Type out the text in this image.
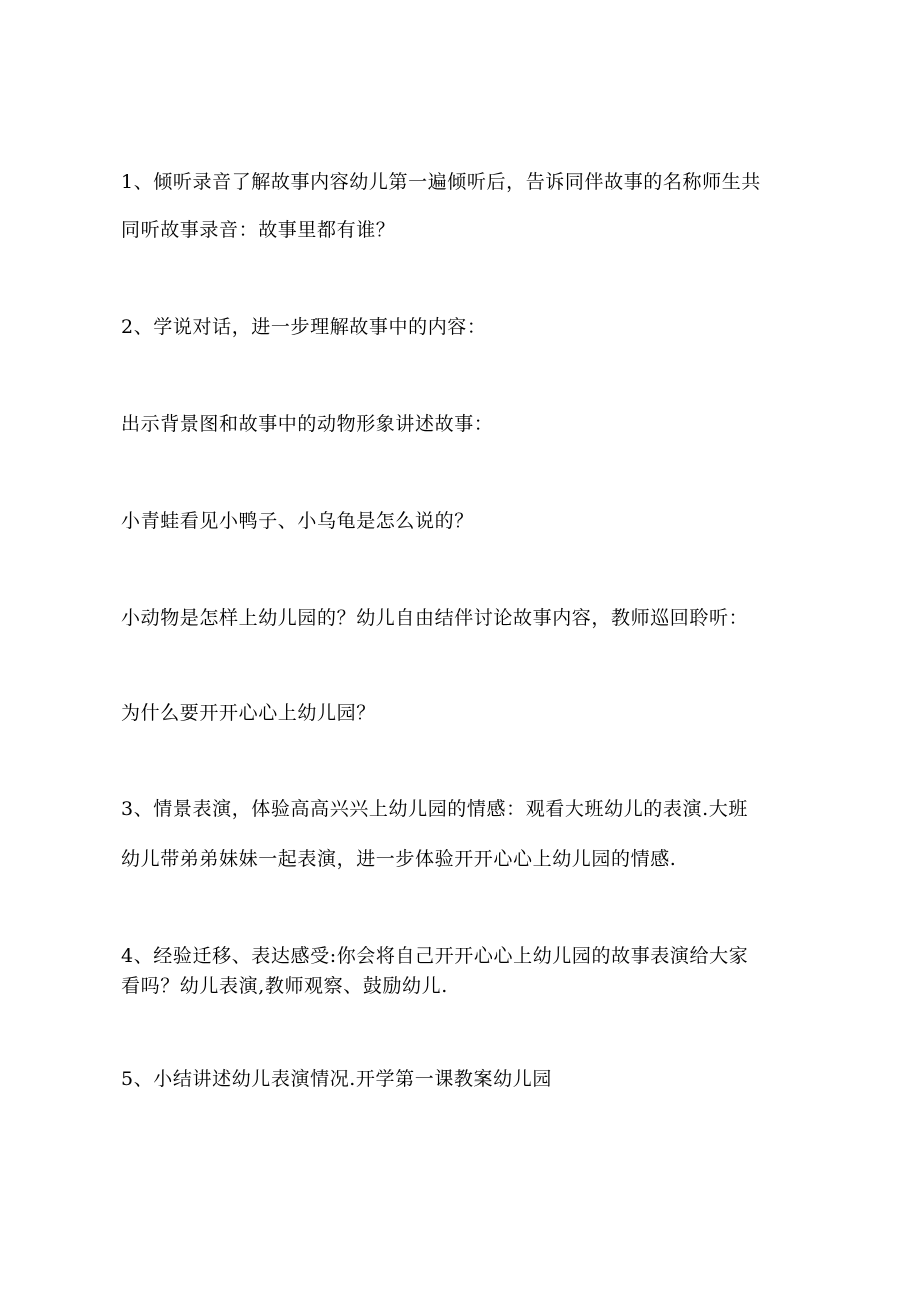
1、倾听录音了解故事内容幼儿第一遍倾听后，告诉同伴故事的名称师生共
同听故事录音：故事里都有谁？
2、学说对话，进一步理解故事中的内容：
出示背景图和故事中的动物形象讲述故事：
小青蛙看见小鸭子、小乌龟是怎么说的？
小动物是怎样上幼儿园的？幼儿自由结伴讨论故事内容，教师巡回聆听：
为什么要开开心心上幼儿园？
3、情景表演，体验高高兴兴上幼儿园的情感：观看大班幼儿的表演.大班
幼儿带弟弟妹妹一起表演，进一步体验开开心心上幼儿园的情感.
4、经验迁移、表达感受:你会将自己开开心心上幼儿园的故事表演给大家
看吗？幼儿表演,教师观察、鼓励幼儿.
5、小结讲述幼儿表演情况.开学第一课教案幼儿园
